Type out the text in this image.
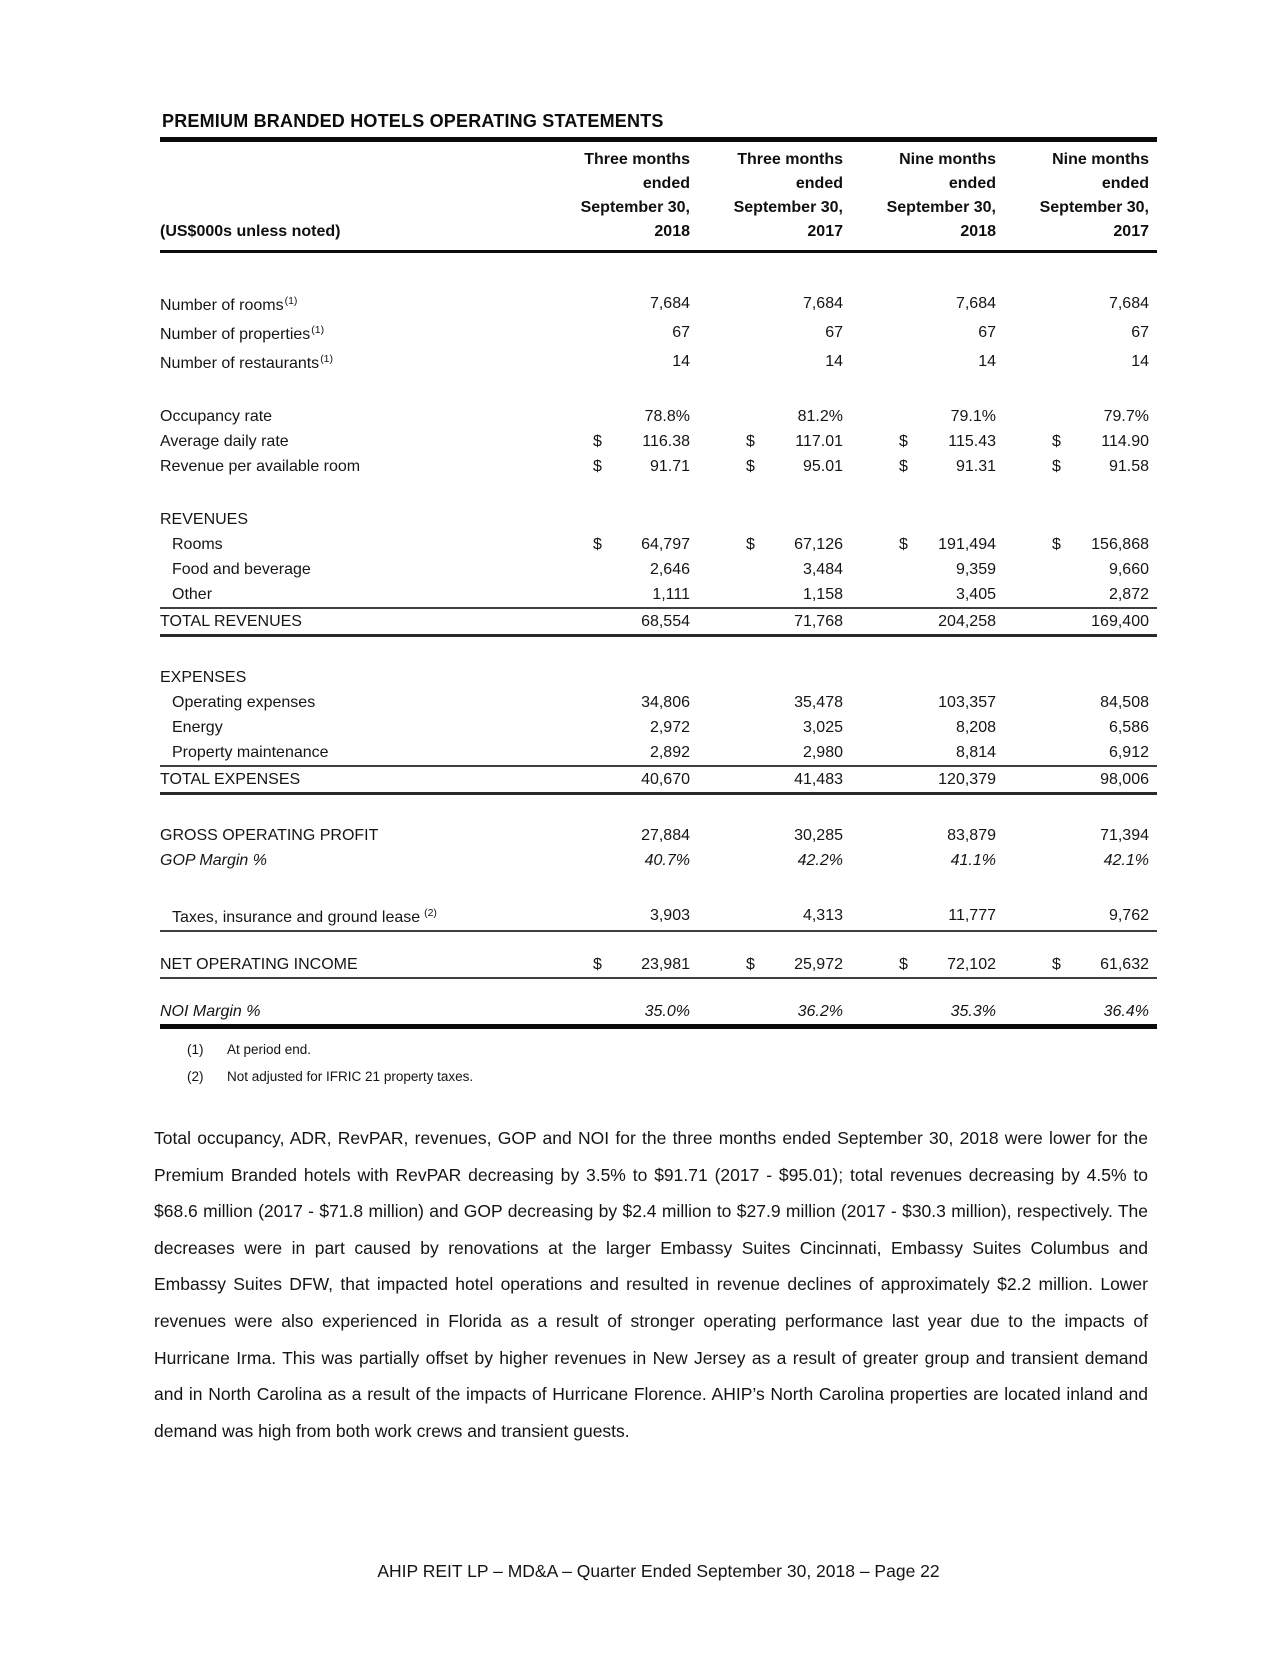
PREMIUM BRANDED HOTELS OPERATING STATEMENTS
(US$000s unless noted)
Three months
ended
September 30,
2018
Three months
ended
September 30,
2017
Nine months
ended
September 30,
2018
Nine months
ended
September 30,
2017
Number of rooms$^{(1)}$	7,684	7,684	7,684	7,684
Number of properties$^{(1)}$	67	67	67	67
Number of restaurants$^{(1)}$	14	14	14	14
Occupancy rate	78.8%	81.2%	79.1%	79.7%
Average daily rate	$	116.38	$	117.01	$	115.43	$	114.90
Revenue per available room	$	91.71	$	95.01	$	91.31	$	91.58
REVENUES
Rooms	$ 64,797	$ 67,126	$ 191,494	$ 156,868
Food and beverage	2,646	3,484	9,359	9,660
Other	1,111	1,158	3,405	2,872
TOTAL REVENUES	68,554	71,768	204,258	169,400
EXPENSES
Operating expenses	34,806	35,478	103,357	84,508
Energy	2,972	3,025	8,208	6,586
Property maintenance	2,892	2,980	8,814	6,912
TOTAL EXPENSES	40,670	41,483	120,379	98,006
GROSS OPERATING PROFIT	27,884	30,285	83,879	71,394
GOP Margin %	40.7%	42.2%	41.1%	42.1%
Taxes, insurance and ground lease $^{(2)}$	3,903	4,313	11,777	9,762
NET OPERATING INCOME	$ 23,981	$ 25,972	$ 72,102	$ 61,632
NOI Margin %	35.0%	36.2%	35.3%	36.4%
(1)	At period end.
(2)	Not adjusted for IFRIC 21 property taxes.

Total occupancy, ADR, RevPAR, revenues, GOP and NOI for the three months ended September 30, 2018 were lower for the Premium Branded hotels with RevPAR decreasing by 3.5% to $91.71 (2017 - $95.01); total revenues decreasing by 4.5% to $68.6 million (2017 - $71.8 million) and GOP decreasing by $2.4 million to $27.9 million (2017 - $30.3 million), respectively. The decreases were in part caused by renovations at the larger Embassy Suites Cincinnati, Embassy Suites Columbus and Embassy Suites DFW, that impacted hotel operations and resulted in revenue declines of approximately $2.2 million. Lower revenues were also experienced in Florida as a result of stronger operating performance last year due to the impacts of Hurricane Irma. This was partially offset by higher revenues in New Jersey as a result of greater group and transient demand and in North Carolina as a result of the impacts of Hurricane Florence. AHIP’s North Carolina properties are located inland and demand was high from both work crews and transient guests.

AHIP REIT LP – MD&A – Quarter Ended September 30, 2018 – Page 22
